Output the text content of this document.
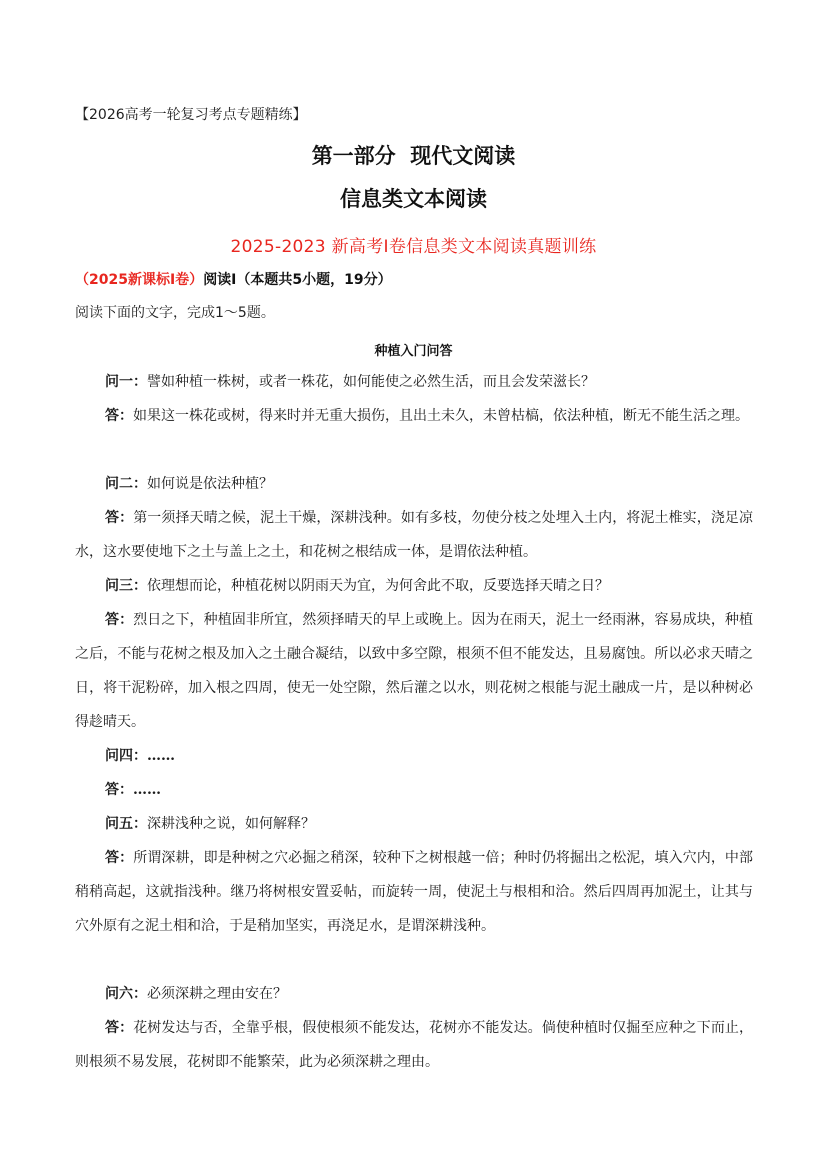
【2026高考一轮复习考点专题精练】
第一部分  现代文阅读
信息类文本阅读
2025-2023 新高考Ⅰ卷信息类文本阅读真题训练
（2025新课标Ⅰ卷）阅读Ⅰ（本题共5小题，19分）
阅读下面的文字，完成1～5题。
种植入门问答
问一：譬如种植一株树，或者一株花，如何能使之必然生活，而且会发荣滋长？
答：如果这一株花或树，得来时并无重大损伤，且出土未久，未曾枯槁，依法种植，断无不能生活之理。
问二：如何说是依法种植？
答：第一须择天晴之候，泥土干燥，深耕浅种。如有多枝，勿使分枝之处埋入土内，将泥土椎实，浇足凉水，这水要使地下之土与盖上之土，和花树之根结成一体，是谓依法种植。
问三：依理想而论，种植花树以阴雨天为宜，为何舍此不取，反要选择天晴之日？
答：烈日之下，种植固非所宜，然须择晴天的早上或晚上。因为在雨天，泥土一经雨淋，容易成块，种植之后，不能与花树之根及加入之土融合凝结，以致中多空隙，根须不但不能发达，且易腐蚀。所以必求天晴之日，将干泥粉碎，加入根之四周，使无一处空隙，然后灌之以水，则花树之根能与泥土融成一片，是以种树必得趁晴天。
问四：……
答：……
问五：深耕浅种之说，如何解释？
答：所谓深耕，即是种树之穴必掘之稍深，较种下之树根越一倍；种时仍将掘出之松泥，填入穴内，中部稍稍高起，这就指浅种。继乃将树根安置妥帖，而旋转一周，使泥土与根相和洽。然后四周再加泥土，让其与穴外原有之泥土相和洽，于是稍加坚实，再浇足水，是谓深耕浅种。
问六：必须深耕之理由安在？
答：花树发达与否，全靠乎根，假使根须不能发达，花树亦不能发达。倘使种植时仅掘至应种之下而止，则根须不易发展，花树即不能繁荣，此为必须深耕之理由。
